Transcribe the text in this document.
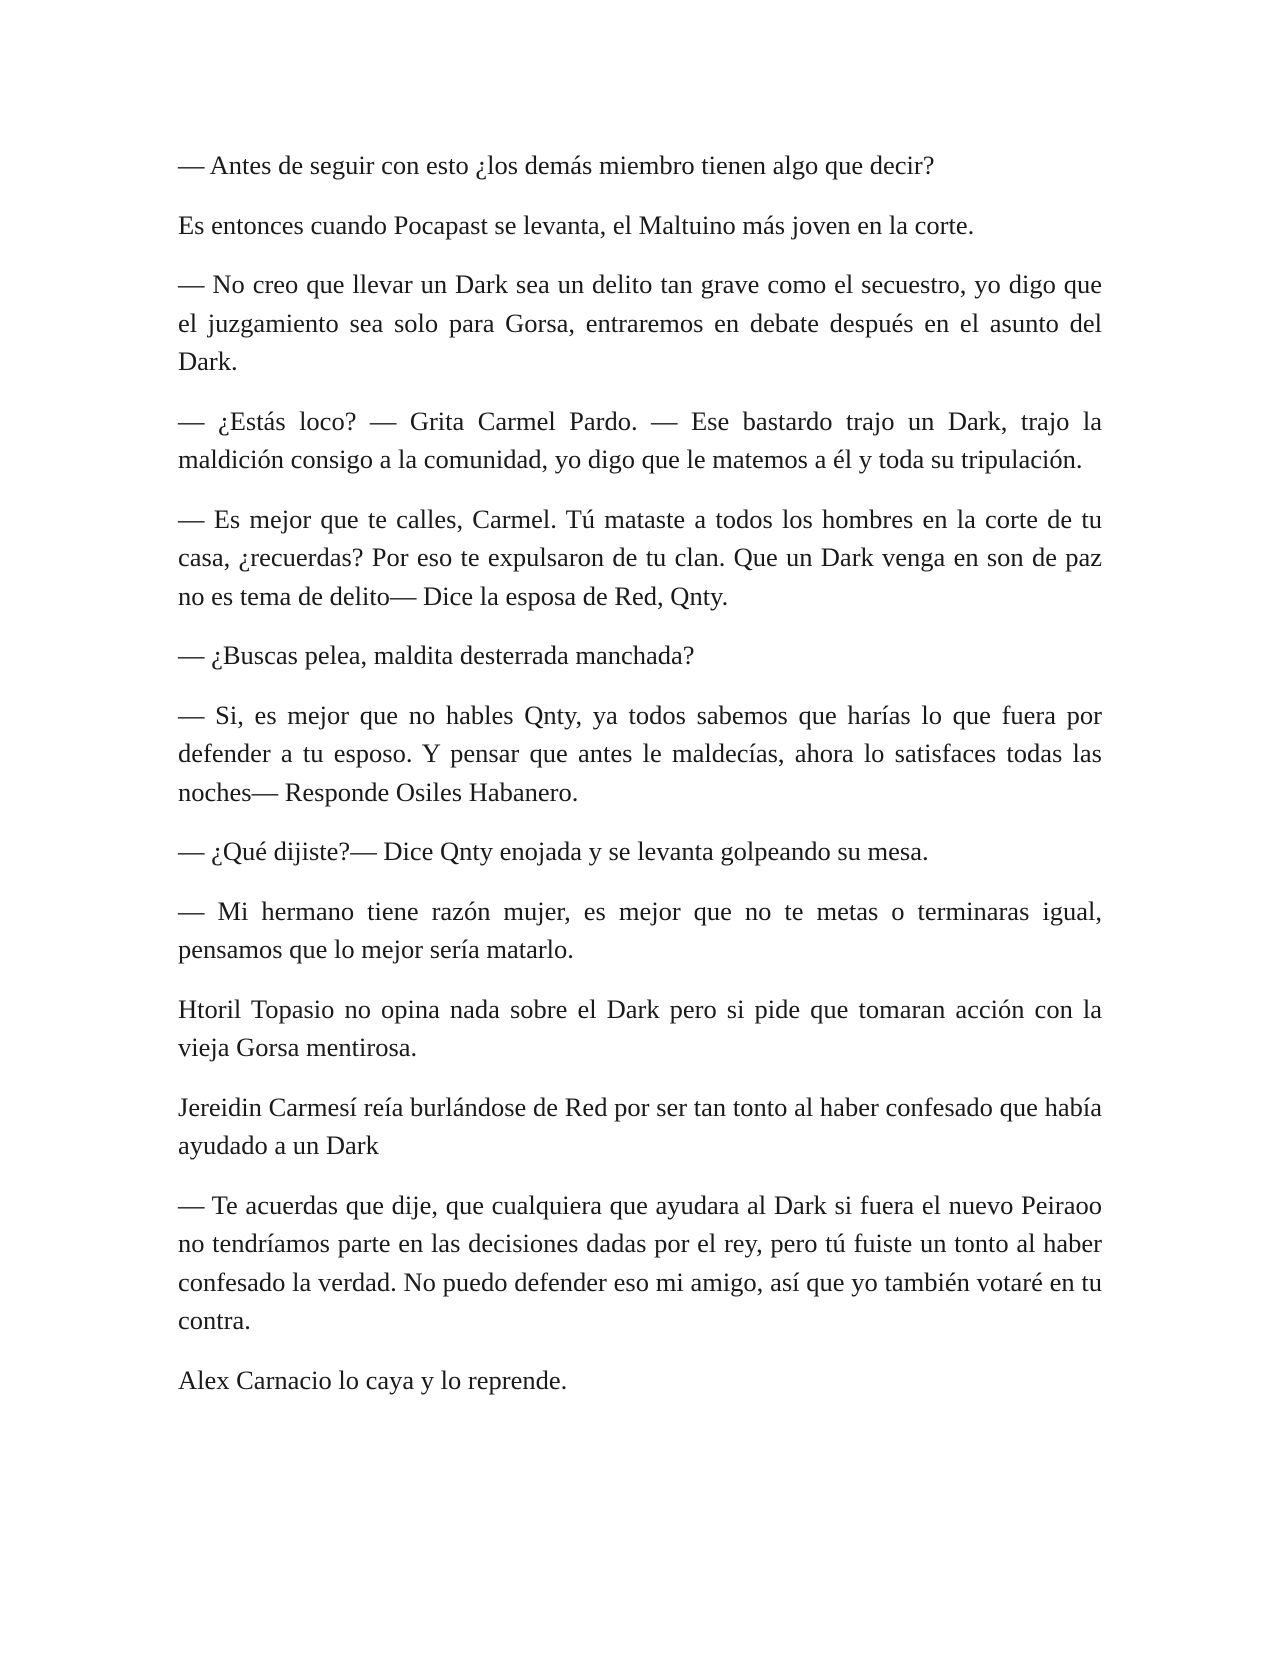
— Antes de seguir con esto ¿los demás miembro tienen algo que decir?

Es entonces cuando Pocapast se levanta, el Maltuino más joven en la corte.

— No creo que llevar un Dark sea un delito tan grave como el secuestro, yo digo que el juzgamiento sea solo para Gorsa, entraremos en debate después en el asunto del Dark.

— ¿Estás loco? — Grita Carmel Pardo. — Ese bastardo trajo un Dark, trajo la maldición consigo a la comunidad, yo digo que le matemos a él y toda su tripulación.

— Es mejor que te calles, Carmel. Tú mataste a todos los hombres en la corte de tu casa, ¿recuerdas? Por eso te expulsaron de tu clan. Que un Dark venga en son de paz no es tema de delito— Dice la esposa de Red, Qnty.

— ¿Buscas pelea, maldita desterrada manchada?

— Si, es mejor que no hables Qnty, ya todos sabemos que harías lo que fuera por defender a tu esposo. Y pensar que antes le maldecías, ahora lo satisfaces todas las noches— Responde Osiles Habanero.

— ¿Qué dijiste?— Dice Qnty enojada y se levanta golpeando su mesa.

— Mi hermano tiene razón mujer, es mejor que no te metas o terminaras igual, pensamos que lo mejor sería matarlo.

Htoril Topasio no opina nada sobre el Dark pero si pide que tomaran acción con la vieja Gorsa mentirosa.

Jereidin Carmesí reía burlándose de Red por ser tan tonto al haber confesado que había ayudado a un Dark

— Te acuerdas que dije, que cualquiera que ayudara al Dark si fuera el nuevo Peiraoo no tendríamos parte en las decisiones dadas por el rey, pero tú fuiste un tonto al haber confesado la verdad. No puedo defender eso mi amigo, así que yo también votaré en tu contra.

Alex Carnacio lo caya y lo reprende.
